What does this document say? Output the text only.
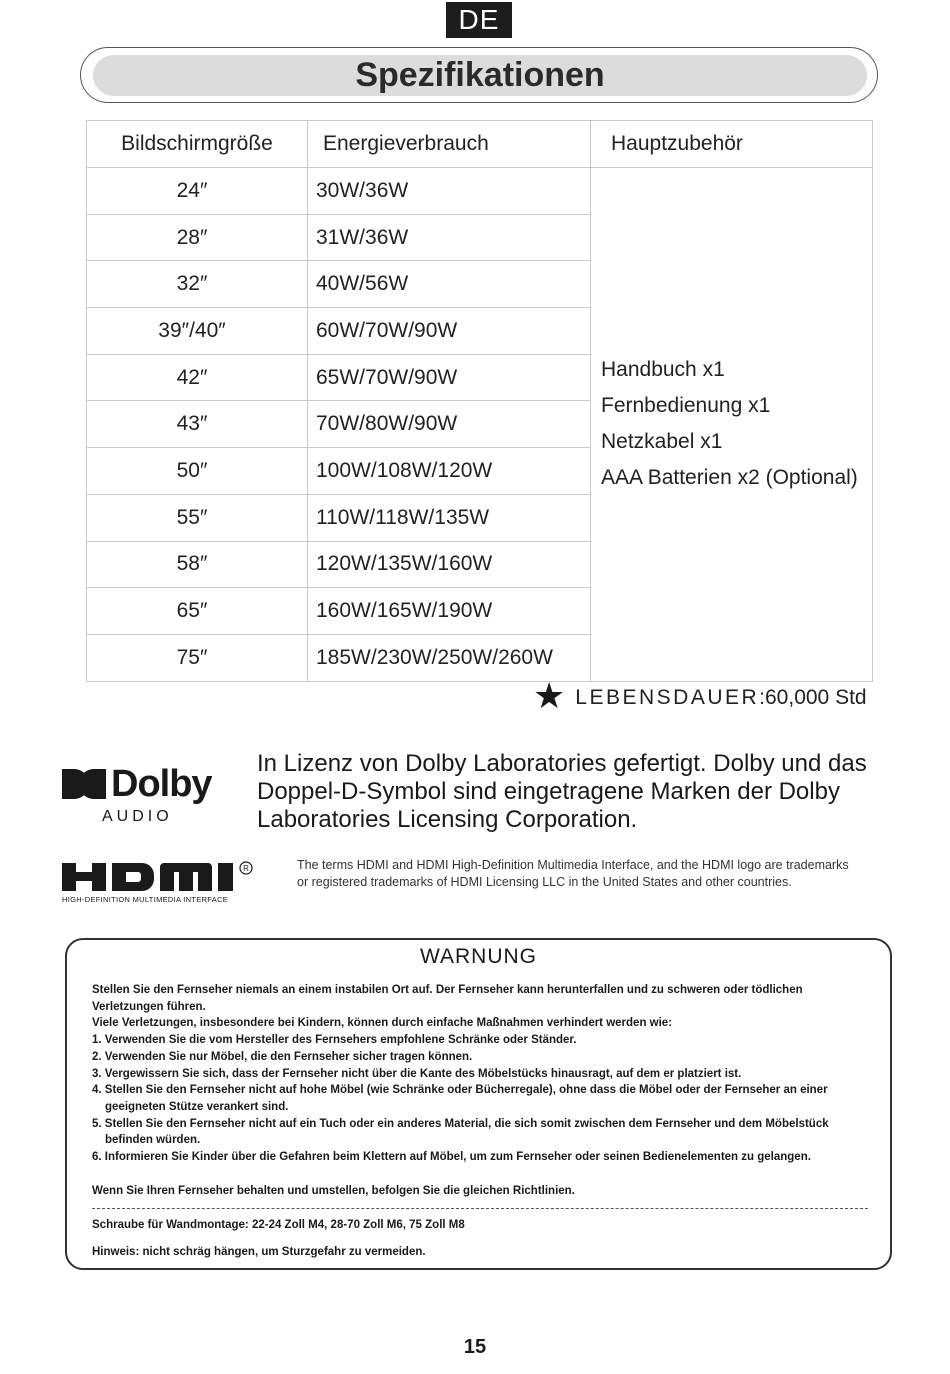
DE
Spezifikationen
Bildschirmgröße	Energieverbrauch	Hauptzubehör
24″	30W/36W	Handbuch x1
Fernbedienung x1
Netzkabel x1
AAA Batterien x2 (Optional)

28″	31W/36W	
32″	40W/56W	
39″/40″	60W/70W/90W	
42″	65W/70W/90W	
43″	70W/80W/90W	
50″	100W/108W/120W	
55″	110W/118W/135W	
58″	120W/135W/160W	
65″	160W/165W/190W	
75″	185W/230W/250W/260W	
★ LEBENSDAUER:60,000 Std
Dolby
AUDIO
In Lizenz von Dolby Laboratories gefertigt. Dolby und das Doppel-D-Symbol sind eingetragene Marken der Dolby Laboratories Licensing Corporation.
R
HIGH-DEFINITION MULTIMEDIA INTERFACE
The terms HDMI and HDMI High-Definition Multimedia Interface, and the HDMI logo are trademarks or registered trademarks of HDMI Licensing LLC in the United States and other countries.
WARNUNG

Stellen Sie den Fernseher niemals an einem instabilen Ort auf. Der Fernseher kann herunterfallen und zu schweren oder tödlichen Verletzungen führen.

Viele Verletzungen, insbesondere bei Kindern, können durch einfache Maßnahmen verhindert werden wie:

1. Verwenden Sie die vom Hersteller des Fernsehers empfohlene Schränke oder Ständer.

2. Verwenden Sie nur Möbel, die den Fernseher sicher tragen können.

3. Vergewissern Sie sich, dass der Fernseher nicht über die Kante des Möbelstücks hinausragt, auf dem er platziert ist.

4. Stellen Sie den Fernseher nicht auf hohe Möbel (wie Schränke oder Bücherregale), ohne dass die Möbel oder der Fernseher an einer geeigneten Stütze verankert sind.

5. Stellen Sie den Fernseher nicht auf ein Tuch oder ein anderes Material, die sich somit zwischen dem Fernseher und dem Möbelstück befinden würden.

6. Informieren Sie Kinder über die Gefahren beim Klettern auf Möbel, um zum Fernseher oder seinen Bedienelementen zu gelangen.

Wenn Sie Ihren Fernseher behalten und umstellen, befolgen Sie die gleichen Richtlinien.

Schraube für Wandmontage: 22-24 Zoll M4, 28-70 Zoll M6, 75 Zoll M8

Hinweis: nicht schräg hängen, um Sturzgefahr zu vermeiden.

15
